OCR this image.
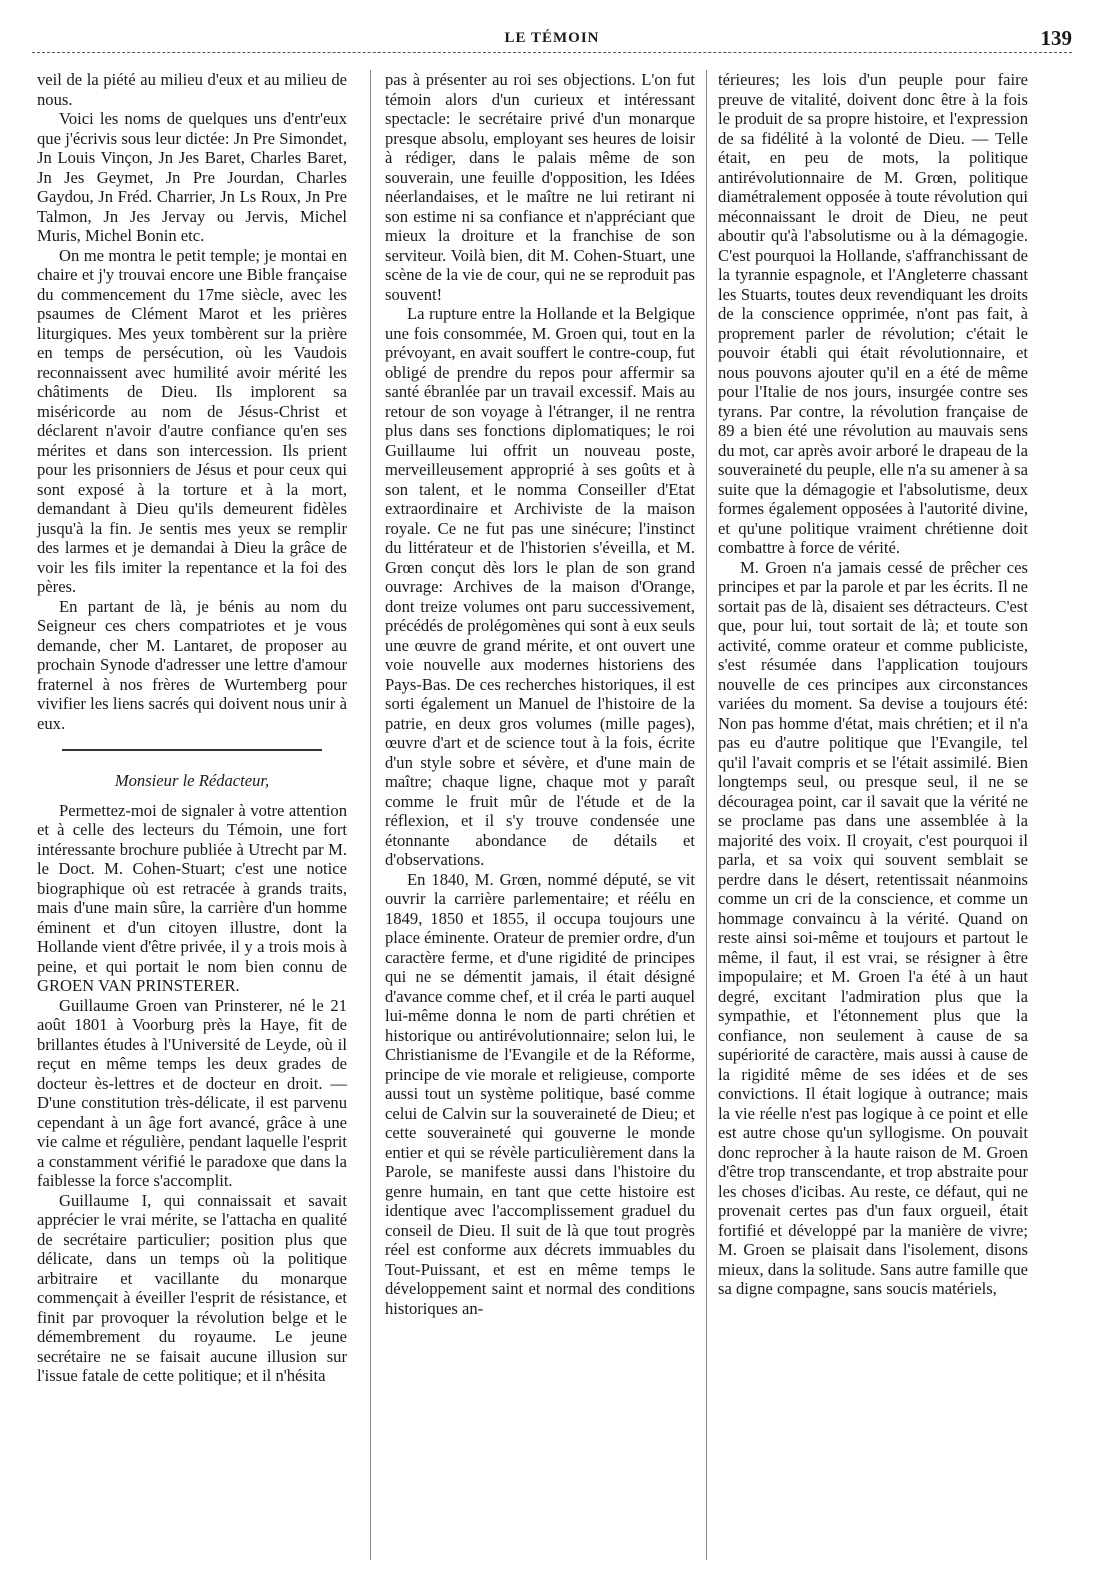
LE TÉMOIN	139

veil de la piété au milieu d'eux et au milieu de nous.

Voici les noms de quelques uns d'entr'eux que j'écrivis sous leur dictée: Jn Pre Simondet, Jn Louis Vinçon, Jn Jes Baret, Charles Baret, Jn Jes Geymet, Jn Pre Jourdan, Charles Gaydou, Jn Fréd. Charrier, Jn Ls Roux, Jn Pre Talmon, Jn Jes Jervay ou Jervis, Michel Muris, Michel Bonin etc.

On me montra le petit temple; je montai en chaire et j'y trouvai encore une Bible française du commencement du 17me siècle, avec les psaumes de Clément Marot et les prières liturgiques. Mes yeux tombèrent sur la prière en temps de persécution, où les Vaudois reconnaissent avec humilité avoir mérité les châtiments de Dieu. Ils implorent sa miséricorde au nom de Jésus-Christ et déclarent n'avoir d'autre confiance qu'en ses mérites et dans son intercession. Ils prient pour les prisonniers de Jésus et pour ceux qui sont exposé à la torture et à la mort, demandant à Dieu qu'ils demeurent fidèles jusqu'à la fin. Je sentis mes yeux se remplir des larmes et je demandai à Dieu la grâce de voir les fils imiter la repentance et la foi des pères.

En partant de là, je bénis au nom du Seigneur ces chers compatriotes et je vous demande, cher M. Lantaret, de proposer au prochain Synode d'adresser une lettre d'amour fraternel à nos frères de Wurtemberg pour vivifier les liens sacrés qui doivent nous unir à eux.

Monsieur le Rédacteur,

Permettez-moi de signaler à votre attention et à celle des lecteurs du Témoin, une fort intéressante brochure publiée à Utrecht par M. le Doct. M. Cohen-Stuart; c'est une notice biographique où est retracée à grands traits, mais d'une main sûre, la carrière d'un homme éminent et d'un citoyen illustre, dont la Hollande vient d'être privée, il y a trois mois à peine, et qui portait le nom bien connu de GROEN VAN PRINSTERER.

Guillaume Groen van Prinsterer, né le 21 août 1801 à Voorburg près la Haye, fit de brillantes études à l'Université de Leyde, où il reçut en même temps les deux grades de docteur ès-lettres et de docteur en droit. — D'une constitution très-délicate, il est parvenu cependant à un âge fort avancé, grâce à une vie calme et régulière, pendant laquelle l'esprit a constamment vérifié le paradoxe que dans la faiblesse la force s'accomplit.

Guillaume I, qui connaissait et savait apprécier le vrai mérite, se l'attacha en qualité de secrétaire particulier; position plus que délicate, dans un temps où la politique arbitraire et vacillante du monarque commençait à éveiller l'esprit de résistance, et finit par provoquer la révolution belge et le démembrement du royaume. Le jeune secrétaire ne se faisait aucune illusion sur l'issue fatale de cette politique; et il n'hésita

pas à présenter au roi ses objections. L'on fut témoin alors d'un curieux et intéressant spectacle: le secrétaire privé d'un monarque presque absolu, employant ses heures de loisir à rédiger, dans le palais même de son souverain, une feuille d'opposition, les Idées néerlandaises, et le maître ne lui retirant ni son estime ni sa confiance et n'appréciant que mieux la droiture et la franchise de son serviteur. Voilà bien, dit M. Cohen-Stuart, une scène de la vie de cour, qui ne se reproduit pas souvent!

La rupture entre la Hollande et la Belgique une fois consommée, M. Groen qui, tout en la prévoyant, en avait souffert le contre-coup, fut obligé de prendre du repos pour affermir sa santé ébranlée par un travail excessif. Mais au retour de son voyage à l'étranger, il ne rentra plus dans ses fonctions diplomatiques; le roi Guillaume lui offrit un nouveau poste, merveilleusement approprié à ses goûts et à son talent, et le nomma Conseiller d'Etat extraordinaire et Archiviste de la maison royale. Ce ne fut pas une sinécure; l'instinct du littérateur et de l'historien s'éveilla, et M. Grœn conçut dès lors le plan de son grand ouvrage: Archives de la maison d'Orange, dont treize volumes ont paru successivement, précédés de prolégomènes qui sont à eux seuls une œuvre de grand mérite, et ont ouvert une voie nouvelle aux modernes historiens des Pays-Bas. De ces recherches historiques, il est sorti également un Manuel de l'histoire de la patrie, en deux gros volumes (mille pages), œuvre d'art et de science tout à la fois, écrite d'un style sobre et sévère, et d'une main de maître; chaque ligne, chaque mot y paraît comme le fruit mûr de l'étude et de la réflexion, et il s'y trouve condensée une étonnante abondance de détails et d'observations.

En 1840, M. Grœn, nommé député, se vit ouvrir la carrière parlementaire; et réélu en 1849, 1850 et 1855, il occupa toujours une place éminente. Orateur de premier ordre, d'un caractère ferme, et d'une rigidité de principes qui ne se démentit jamais, il était désigné d'avance comme chef, et il créa le parti auquel lui-même donna le nom de parti chrétien et historique ou antirévolutionnaire; selon lui, le Christianisme de l'Evangile et de la Réforme, principe de vie morale et religieuse, comporte aussi tout un système politique, basé comme celui de Calvin sur la souveraineté de Dieu; et cette souveraineté qui gouverne le monde entier et qui se révèle particulièrement dans la Parole, se manifeste aussi dans l'histoire du genre humain, en tant que cette histoire est identique avec l'accomplissement graduel du conseil de Dieu. Il suit de là que tout progrès réel est conforme aux décrets immuables du Tout-Puissant, et est en même temps le développement saint et normal des conditions historiques an-

térieures; les lois d'un peuple pour faire preuve de vitalité, doivent donc être à la fois le produit de sa propre histoire, et l'expression de sa fidélité à la volonté de Dieu. — Telle était, en peu de mots, la politique antirévolutionnaire de M. Grœn, politique diamétralement opposée à toute révolution qui méconnaissant le droit de Dieu, ne peut aboutir qu'à l'absolutisme ou à la démagogie. C'est pourquoi la Hollande, s'affranchissant de la tyrannie espagnole, et l'Angleterre chassant les Stuarts, toutes deux revendiquant les droits de la conscience opprimée, n'ont pas fait, à proprement parler de révolution; c'était le pouvoir établi qui était révolutionnaire, et nous pouvons ajouter qu'il en a été de même pour l'Italie de nos jours, insurgée contre ses tyrans. Par contre, la révolution française de 89 a bien été une révolution au mauvais sens du mot, car après avoir arboré le drapeau de la souveraineté du peuple, elle n'a su amener à sa suite que la démagogie et l'absolutisme, deux formes également opposées à l'autorité divine, et qu'une politique vraiment chrétienne doit combattre à force de vérité.

M. Groen n'a jamais cessé de prêcher ces principes et par la parole et par les écrits. Il ne sortait pas de là, disaient ses détracteurs. C'est que, pour lui, tout sortait de là; et toute son activité, comme orateur et comme publiciste, s'est résumée dans l'application toujours nouvelle de ces principes aux circonstances variées du moment. Sa devise a toujours été: Non pas homme d'état, mais chrétien; et il n'a pas eu d'autre politique que l'Evangile, tel qu'il l'avait compris et se l'était assimilé. Bien longtemps seul, ou presque seul, il ne se découragea point, car il savait que la vérité ne se proclame pas dans une assemblée à la majorité des voix. Il croyait, c'est pourquoi il parla, et sa voix qui souvent semblait se perdre dans le désert, retentissait néanmoins comme un cri de la conscience, et comme un hommage convaincu à la vérité. Quand on reste ainsi soi-même et toujours et partout le même, il faut, il est vrai, se résigner à être impopulaire; et M. Groen l'a été à un haut degré, excitant l'admiration plus que la sympathie, et l'étonnement plus que la confiance, non seulement à cause de sa supériorité de caractère, mais aussi à cause de la rigidité même de ses idées et de ses convictions. Il était logique à outrance; mais la vie réelle n'est pas logique à ce point et elle est autre chose qu'un syllogisme. On pouvait donc reprocher à la haute raison de M. Groen d'être trop transcendante, et trop abstraite pour les choses d'icibas. Au reste, ce défaut, qui ne provenait certes pas d'un faux orgueil, était fortifié et développé par la manière de vivre; M. Groen se plaisait dans l'isolement, disons mieux, dans la solitude. Sans autre famille que sa digne compagne, sans soucis matériels,
